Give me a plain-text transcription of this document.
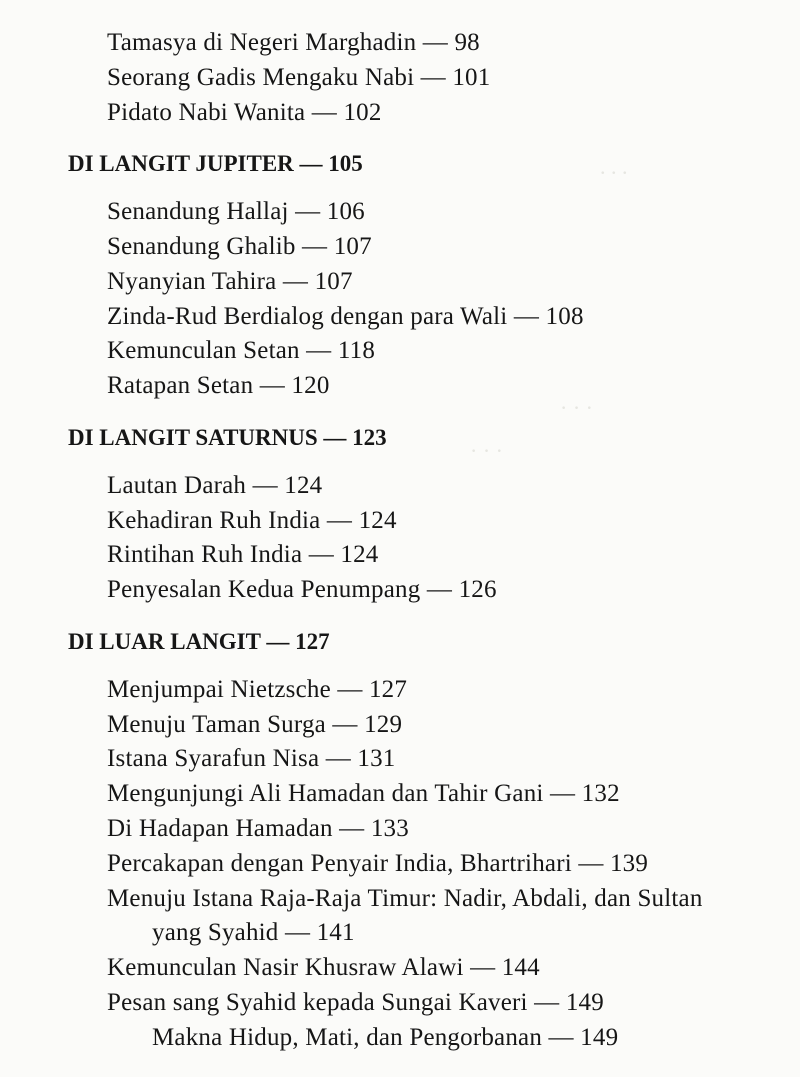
∙ ∙ ∙
· · ·
· · ·
Tamasya di Negeri Marghadin — 98
Seorang Gadis Mengaku Nabi — 101
Pidato Nabi Wanita — 102
DI LANGIT JUPITER — 105
Senandung Hallaj — 106
Senandung Ghalib — 107
Nyanyian Tahira — 107
Zinda-Rud Berdialog dengan para Wali — 108
Kemunculan Setan — 118
Ratapan Setan — 120
DI LANGIT SATURNUS — 123
Lautan Darah — 124
Kehadiran Ruh India — 124
Rintihan Ruh India — 124
Penyesalan Kedua Penumpang — 126
DI LUAR LANGIT — 127
Menjumpai Nietzsche — 127
Menuju Taman Surga — 129
Istana Syarafun Nisa — 131
Mengunjungi Ali Hamadan dan Tahir Gani — 132
Di Hadapan Hamadan — 133
Percakapan dengan Penyair India, Bhartrihari — 139
Menuju Istana Raja-Raja Timur: Nadir, Abdali, dan Sultan
yang Syahid — 141
Kemunculan Nasir Khusraw Alawi — 144
Pesan sang Syahid kepada Sungai Kaveri — 149
Makna Hidup, Mati, dan Pengorbanan — 149
